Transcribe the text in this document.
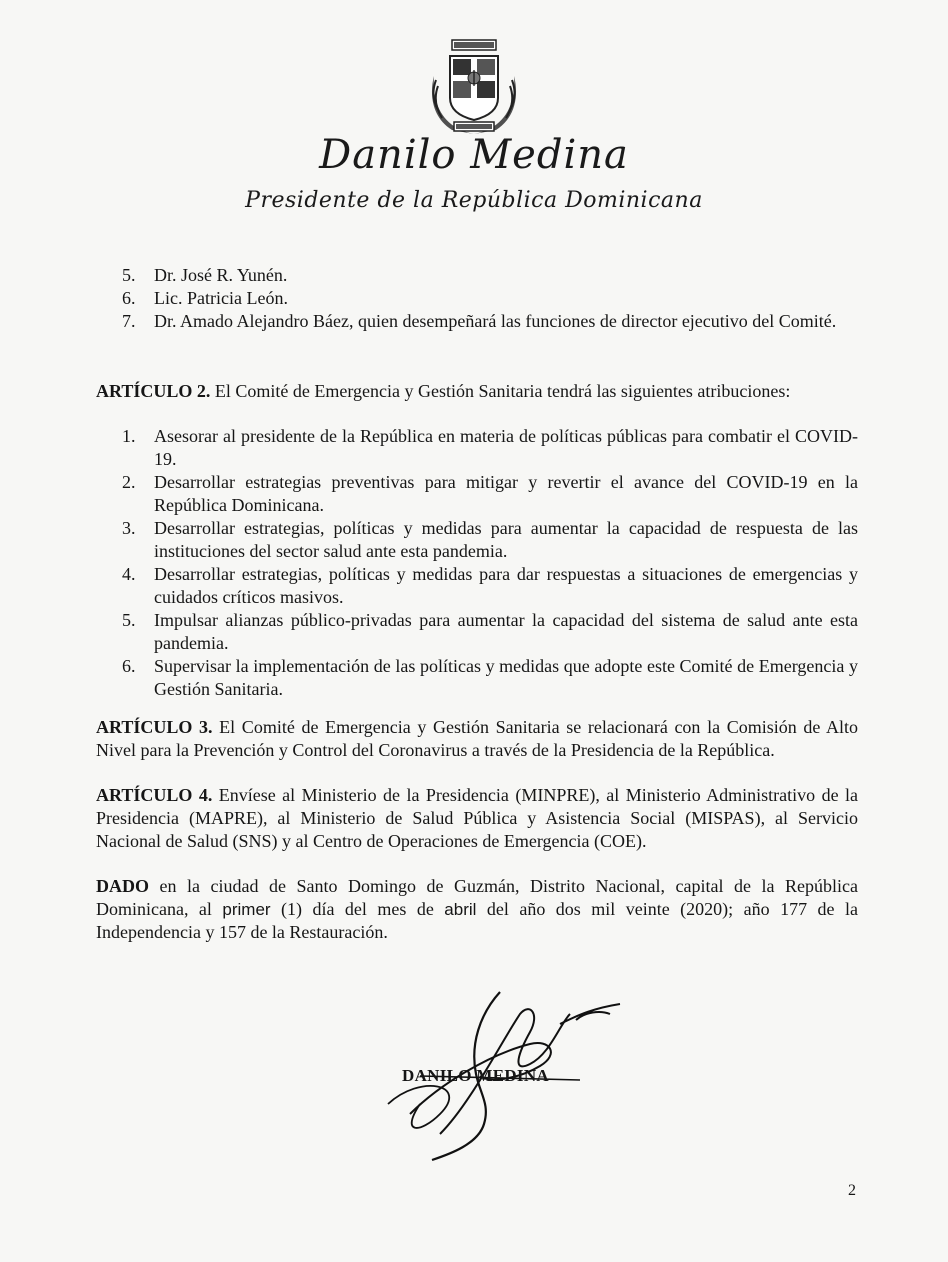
Danilo Medina
Presidente de la República Dominicana
5.	Dr. José R. Yunén.
6.	Lic. Patricia León.
7.	Dr. Amado Alejandro Báez, quien desempeñará las funciones de director ejecutivo del Comité.
ARTÍCULO 2. El Comité de Emergencia y Gestión Sanitaria tendrá las siguientes atribuciones:
1.	Asesorar al presidente de la República en materia de políticas públicas para combatir el COVID-19.
2.	Desarrollar estrategias preventivas para mitigar y revertir el avance del COVID-19 en la República Dominicana.
3.	Desarrollar estrategias, políticas y medidas para aumentar la capacidad de respuesta de las instituciones del sector salud ante esta pandemia.
4.	Desarrollar estrategias, políticas y medidas para dar respuestas a situaciones de emergencias y cuidados críticos masivos.
5.	Impulsar alianzas público-privadas para aumentar la capacidad del sistema de salud ante esta pandemia.
6.	Supervisar la implementación de las políticas y medidas que adopte este Comité de Emergencia y Gestión Sanitaria.
ARTÍCULO 3. El Comité de Emergencia y Gestión Sanitaria se relacionará con la Comisión de Alto Nivel para la Prevención y Control del Coronavirus a través de la Presidencia de la República.
ARTÍCULO 4. Envíese al Ministerio de la Presidencia (MINPRE), al Ministerio Administrativo de la Presidencia (MAPRE), al Ministerio de Salud Pública y Asistencia Social (MISPAS), al Servicio Nacional de Salud (SNS) y al Centro de Operaciones de Emergencia (COE).
DADO en la ciudad de Santo Domingo de Guzmán, Distrito Nacional, capital de la República Dominicana, al primer (1) día del mes de abril del año dos mil veinte (2020); año 177 de la Independencia y 157 de la Restauración.
DANILO MEDINA
2
